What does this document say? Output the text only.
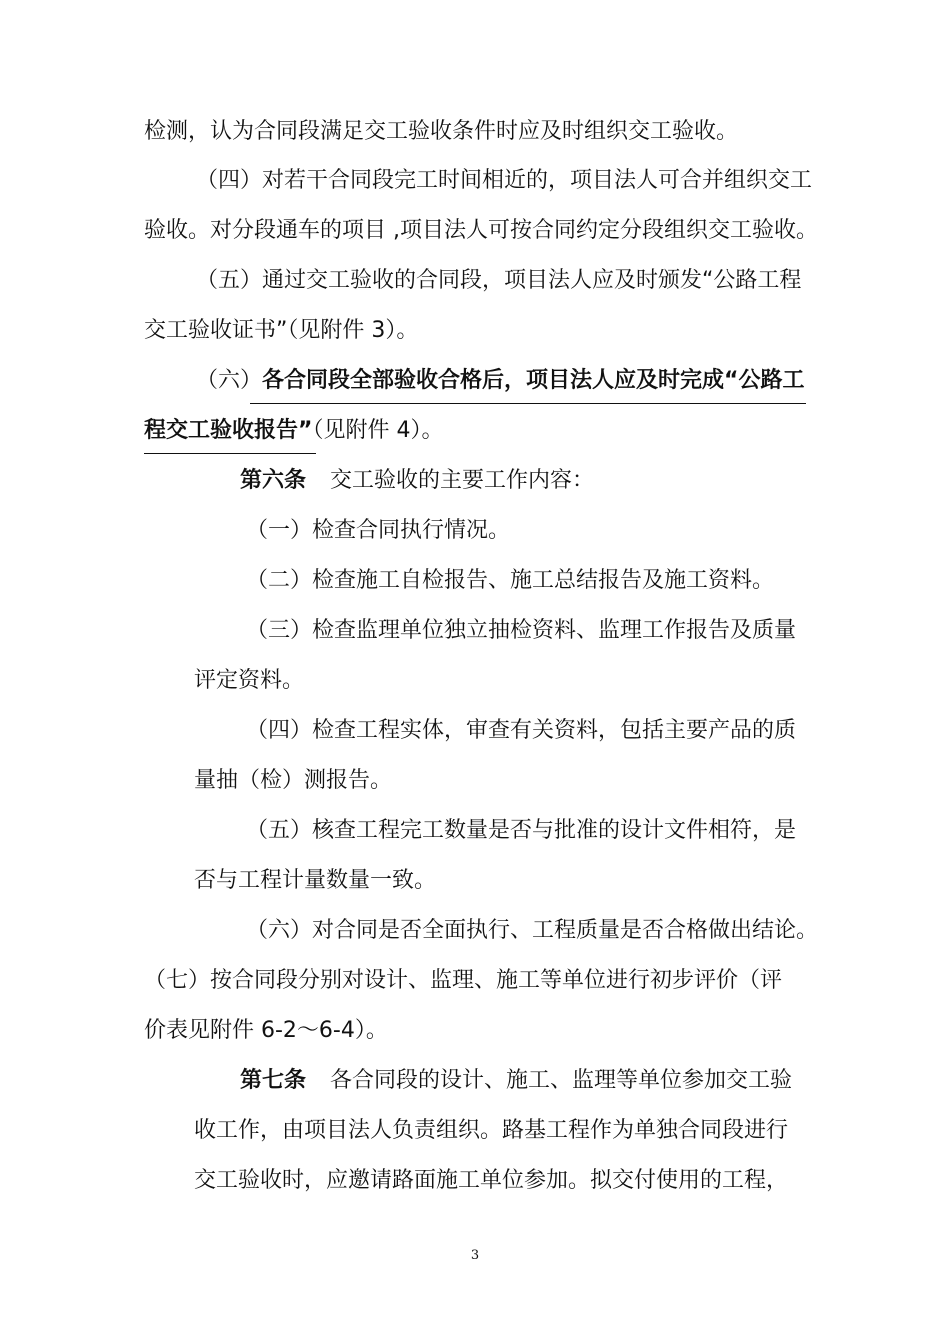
检测，认为合同段满足交工验收条件时应及时组织交工验收。
（四）对若干合同段完工时间相近的，项目法人可合并组织交工
验收。对分段通车的项目 ,项目法人可按合同约定分段组织交工验收。
（五）通过交工验收的合同段，项目法人应及时颁发“公路工程
交工验收证书”（见附件 3）。
（六）各合同段全部验收合格后，项目法人应及时完成“公路工
程交工验收报告”（见附件 4）。
第六条 交工验收的主要工作内容：
（一）检查合同执行情况。
（二）检查施工自检报告、施工总结报告及施工资料。
（三）检查监理单位独立抽检资料、监理工作报告及质量
评定资料。
（四）检查工程实体，审查有关资料，包括主要产品的质
量抽（检）测报告。
（五）核查工程完工数量是否与批准的设计文件相符，是
否与工程计量数量一致。
（六）对合同是否全面执行、工程质量是否合格做出结论。
（七）按合同段分别对设计、监理、施工等单位进行初步评价（评
价表见附件 6-2～6-4）。
第七条 各合同段的设计、施工、监理等单位参加交工验
收工作，由项目法人负责组织。路基工程作为单独合同段进行
交工验收时，应邀请路面施工单位参加。拟交付使用的工程，
3
